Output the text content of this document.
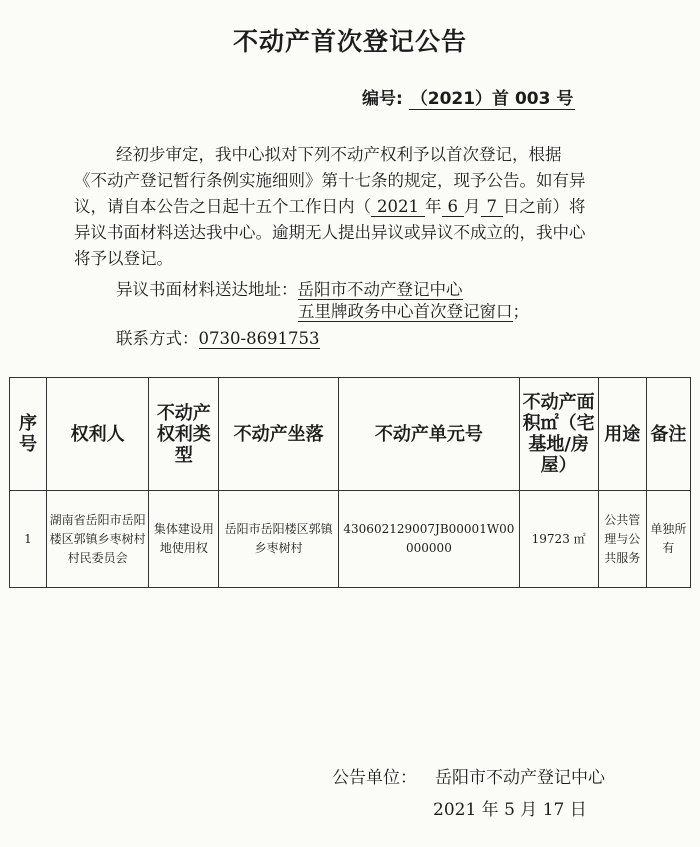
不动产首次登记公告
编号: （2021）首 003 号
经初步审定，我中心拟对下列不动产权利予以首次登记，根据《不动产登记暂行条例实施细则》第十七条的规定，现予公告。如有异议，请自本公告之日起十五个工作日内（ 2021 年 6 月 7 日之前）将异议书面材料送达我中心。逾期无人提出异议或异议不成立的，我中心将予以登记。
异议书面材料送达地址：岳阳市不动产登记中心
五里牌政务中心首次登记窗口；
联系方式：0730-8691753
序号	权利人	不动产权利类型	不动产坐落	不动产单元号	不动产面积㎡（宅基地/房屋）	用途	备注
1	湖南省岳阳市岳阳楼区郭镇乡枣树村村民委员会	集体建设用地使用权	岳阳市岳阳楼区郭镇乡枣树村	430602129007JB00001W00000000	19723 ㎡	公共管理与公共服务	单独所有
公告单位： 岳阳市不动产登记中心
2021 年 5 月 17 日
